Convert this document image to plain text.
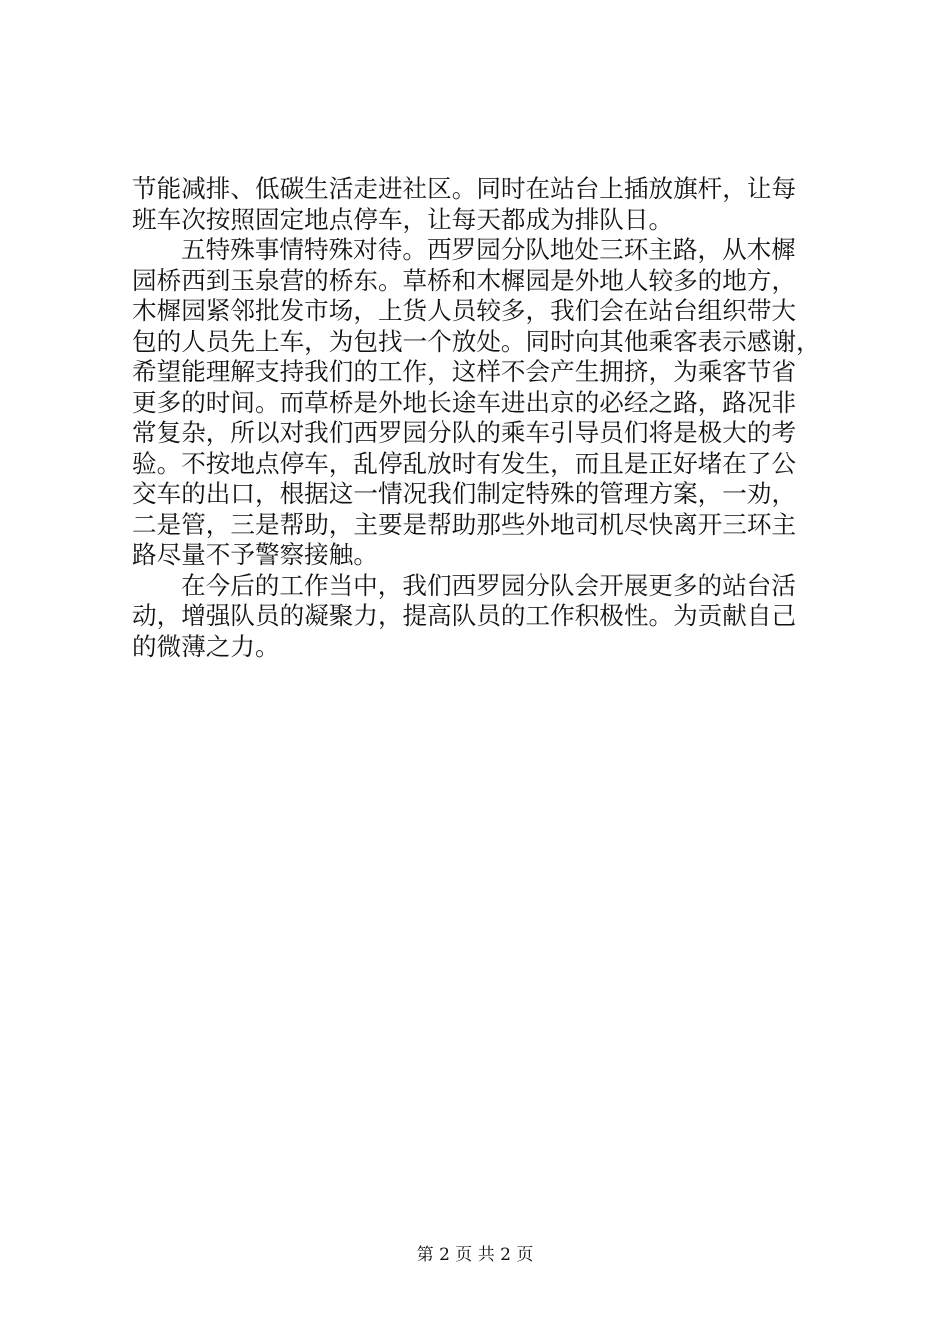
节能减排、低碳生活走进社区。同时在站台上插放旗杆，让每
班车次按照固定地点停车，让每天都成为排队日。
五特殊事情特殊对待。西罗园分队地处三环主路，从木樨
园桥西到玉泉营的桥东。草桥和木樨园是外地人较多的地方，
木樨园紧邻批发市场，上货人员较多，我们会在站台组织带大
包的人员先上车，为包找一个放处。同时向其他乘客表示感谢，
希望能理解支持我们的工作，这样不会产生拥挤，为乘客节省
更多的时间。而草桥是外地长途车进出京的必经之路，路况非
常复杂，所以对我们西罗园分队的乘车引导员们将是极大的考
验。不按地点停车，乱停乱放时有发生，而且是正好堵在了公
交车的出口，根据这一情况我们制定特殊的管理方案，一劝，
二是管，三是帮助，主要是帮助那些外地司机尽快离开三环主
路尽量不予警察接触。
在今后的工作当中，我们西罗园分队会开展更多的站台活
动，增强队员的凝聚力，提高队员的工作积极性。为贡献自己
的微薄之力。
第 2 页 共 2 页
